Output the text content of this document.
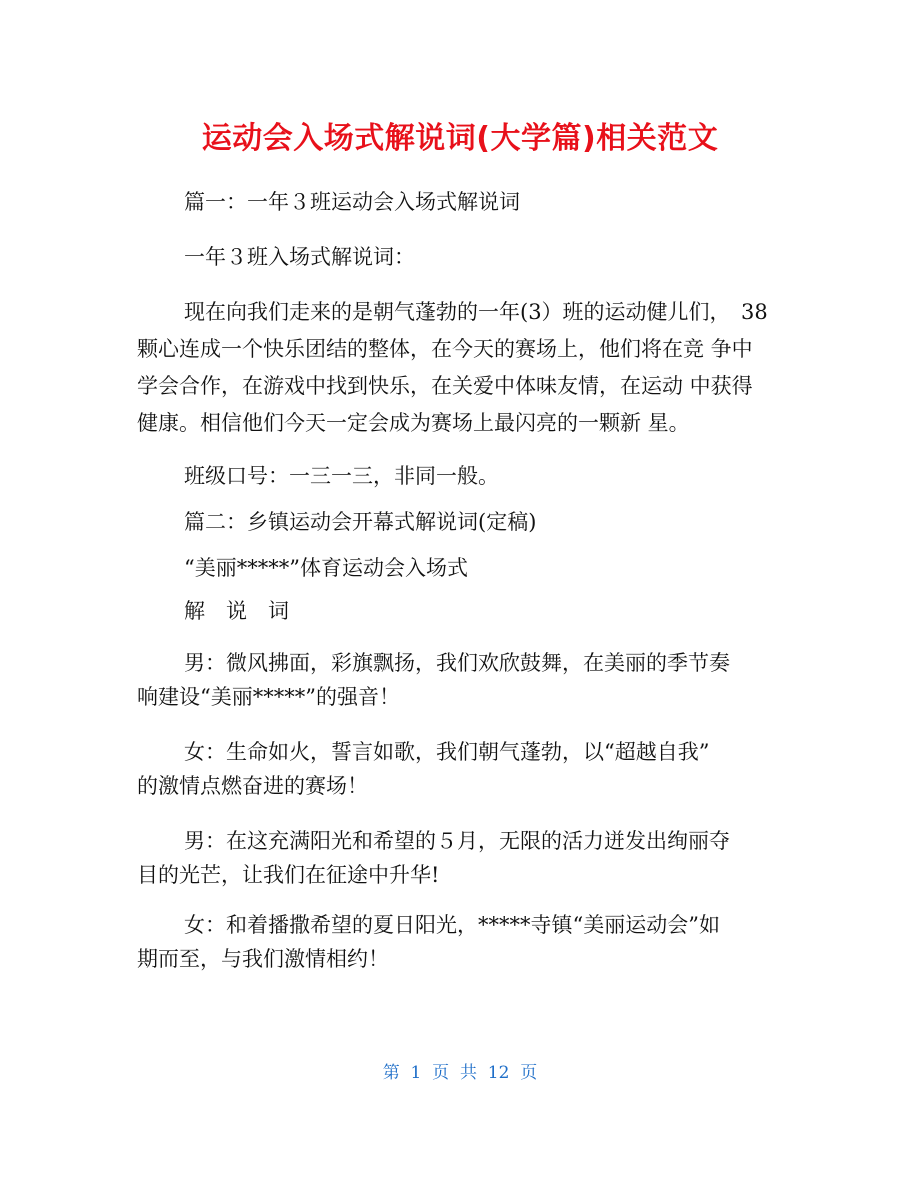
运动会入场式解说词(大学篇)相关范文
篇一：一年３班运动会入场式解说词
一年３班入场式解说词：
现在向我们走来的是朝气蓬勃的一年(3）班的运动健儿们，　38
颗心连成一个快乐团结的整体，在今天的赛场上，他们将在竞 争中
学会合作，在游戏中找到快乐，在关爱中体味友情，在运动 中获得
健康。相信他们今天一定会成为赛场上最闪亮的一颗新 星。
班级口号：一三一三，非同一般。
篇二：乡镇运动会开幕式解说词(定稿)
“美丽*****”体育运动会入场式
解　说　词
男：微风拂面，彩旗飘扬，我们欢欣鼓舞，在美丽的季节奏
响建设“美丽*****”的强音！
女：生命如火，誓言如歌，我们朝气蓬勃，以“超越自我”
的激情点燃奋进的赛场！
男：在这充满阳光和希望的５月，无限的活力迸发出绚丽夺
目的光芒，让我们在征途中升华!
女：和着播撒希望的夏日阳光，*****寺镇“美丽运动会”如
期而至，与我们激情相约！
第  1  页  共  12  页
